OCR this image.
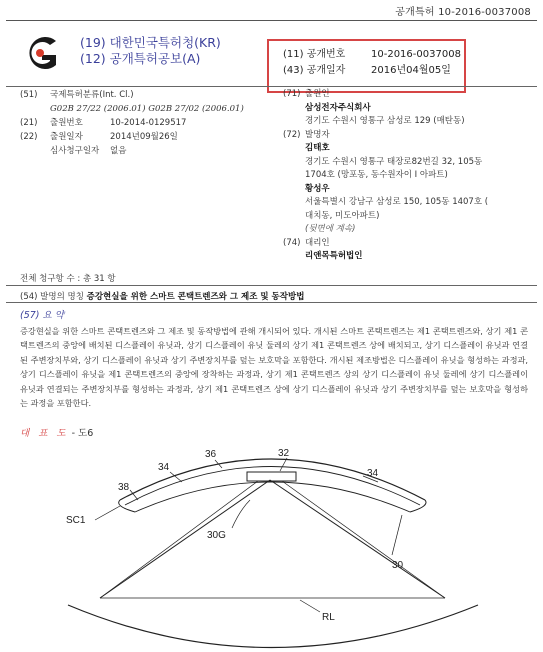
공개특허 10-2016-0037008
(19) 대한민국특허청(KR)
(12) 공개특허공보(A)	(11) 공개번호	10-2016-0037008
(43) 공개일자	2016년04월05일
(51)	국제특허분류(Int. Cl.)
G02B 27/22 (2006.01) G02B 27/02 (2006.01)
(21)	출원번호	10-2014-0129517
(22)	출원일자	2014년09월26일
심사청구일자	없음
(71) 출원인
삼성전자주식회사
경기도 수원시 영통구 삼성로 129 (매탄동)
(72) 발명자
김태호
경기도 수원시 영통구 태장로82번길 32, 105동
1704호 (망포동, 동수원자이 I 아파트)
황성우
서울특별시 강남구 삼성로 150, 105동 1407호 (
대치동, 미도아파트)
(뒷면에 계속)
(74) 대리인
리앤목특허법인
전체 청구항 수 : 총 31 항
(54) 발명의 명칭 증강현실을 위한 스마트 콘택트렌즈와 그 제조 및 동작방법
(57) 요 약
증강현실을 위한 스마트 콘택트렌즈와 그 제조 및 동작방법에 관해 개시되어 있다. 개시된 스마트 콘택트렌즈는 제1 콘택트렌즈와, 상기 제1 콘택트렌즈의 중앙에 배치된 디스플레이 유닛과, 상기 디스플레이 유닛 둘레의 상기 제1 콘택트렌즈 상에 배치되고, 상기 디스플레이 유닛과 연결된 주변장치부와, 상기 디스플레이 유닛과 상기 주변장치부를 덮는 보호막을 포함한다. 개시된 제조방법은 디스플레이 유닛을 형성하는 과정과, 상기 디스플레이 유닛을 제1 콘택트렌즈의 중앙에 장착하는 과정과, 상기 제1 콘택트렌즈 상의 상기 디스플레이 유닛 둘레에 상기 디스플레이 유닛과 연결되는 주변장치부를 형성하는 과정과, 상기 제1 콘택트렌즈 상에 상기 디스플레이 유닛과 상기 주변장치부를 덮는 보호막을 형성하는 과정을 포함한다.
대 표 도 - 도6
34
36	32
34
38
SC1
30G
30
RL
